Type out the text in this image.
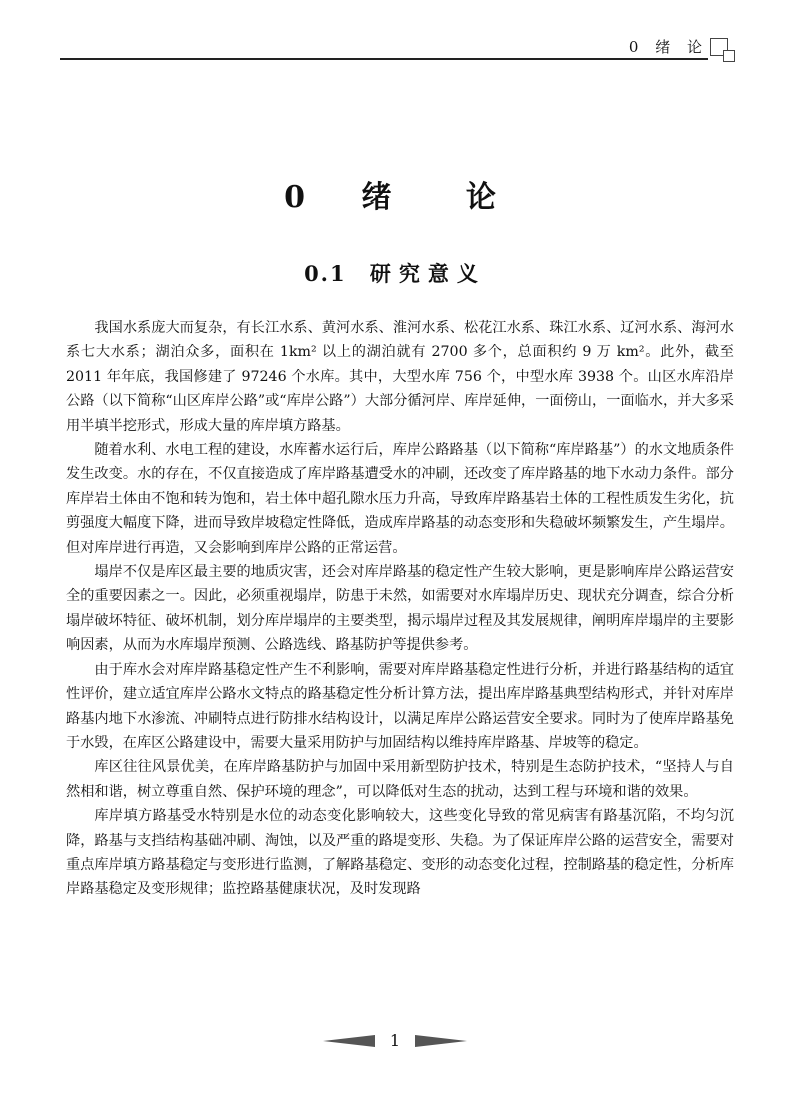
0 绪 论
0 绪 论
0.1 研究意义

我国水系庞大而复杂，有长江水系、黄河水系、淮河水系、松花江水系、珠江水系、辽河水系、海河水系七大水系；湖泊众多，面积在 1km² 以上的湖泊就有 2700 多个，总面积约 9 万 km²。此外，截至 2011 年年底，我国修建了 97246 个水库。其中，大型水库 756 个，中型水库 3938 个。山区水库沿岸公路（以下简称“山区库岸公路”或“库岸公路”）大部分循河岸、库岸延伸，一面傍山，一面临水，并大多采用半填半挖形式，形成大量的库岸填方路基。

随着水利、水电工程的建设，水库蓄水运行后，库岸公路路基（以下简称“库岸路基”）的水文地质条件发生改变。水的存在，不仅直接造成了库岸路基遭受水的冲刷，还改变了库岸路基的地下水动力条件。部分库岸岩土体由不饱和转为饱和，岩土体中超孔隙水压力升高，导致库岸路基岩土体的工程性质发生劣化，抗剪强度大幅度下降，进而导致岸坡稳定性降低，造成库岸路基的动态变形和失稳破坏频繁发生，产生塌岸。但对库岸进行再造，又会影响到库岸公路的正常运营。

塌岸不仅是库区最主要的地质灾害，还会对库岸路基的稳定性产生较大影响，更是影响库岸公路运营安全的重要因素之一。因此，必须重视塌岸，防患于未然，如需要对水库塌岸历史、现状充分调查，综合分析塌岸破坏特征、破坏机制，划分库岸塌岸的主要类型，揭示塌岸过程及其发展规律，阐明库岸塌岸的主要影响因素，从而为水库塌岸预测、公路选线、路基防护等提供参考。

由于库水会对库岸路基稳定性产生不利影响，需要对库岸路基稳定性进行分析，并进行路基结构的适宜性评价，建立适宜库岸公路水文特点的路基稳定性分析计算方法，提出库岸路基典型结构形式，并针对库岸路基内地下水渗流、冲刷特点进行防排水结构设计，以满足库岸公路运营安全要求。同时为了使库岸路基免于水毁，在库区公路建设中，需要大量采用防护与加固结构以维持库岸路基、岸坡等的稳定。

库区往往风景优美，在库岸路基防护与加固中采用新型防护技术，特别是生态防护技术，“坚持人与自然相和谐，树立尊重自然、保护环境的理念”，可以降低对生态的扰动，达到工程与环境和谐的效果。

库岸填方路基受水特别是水位的动态变化影响较大，这些变化导致的常见病害有路基沉陷，不均匀沉降，路基与支挡结构基础冲刷、淘蚀，以及严重的路堤变形、失稳。为了保证库岸公路的运营安全，需要对重点库岸填方路基稳定与变形进行监测，了解路基稳定、变形的动态变化过程，控制路基的稳定性，分析库岸路基稳定及变形规律；监控路基健康状况，及时发现路

1
